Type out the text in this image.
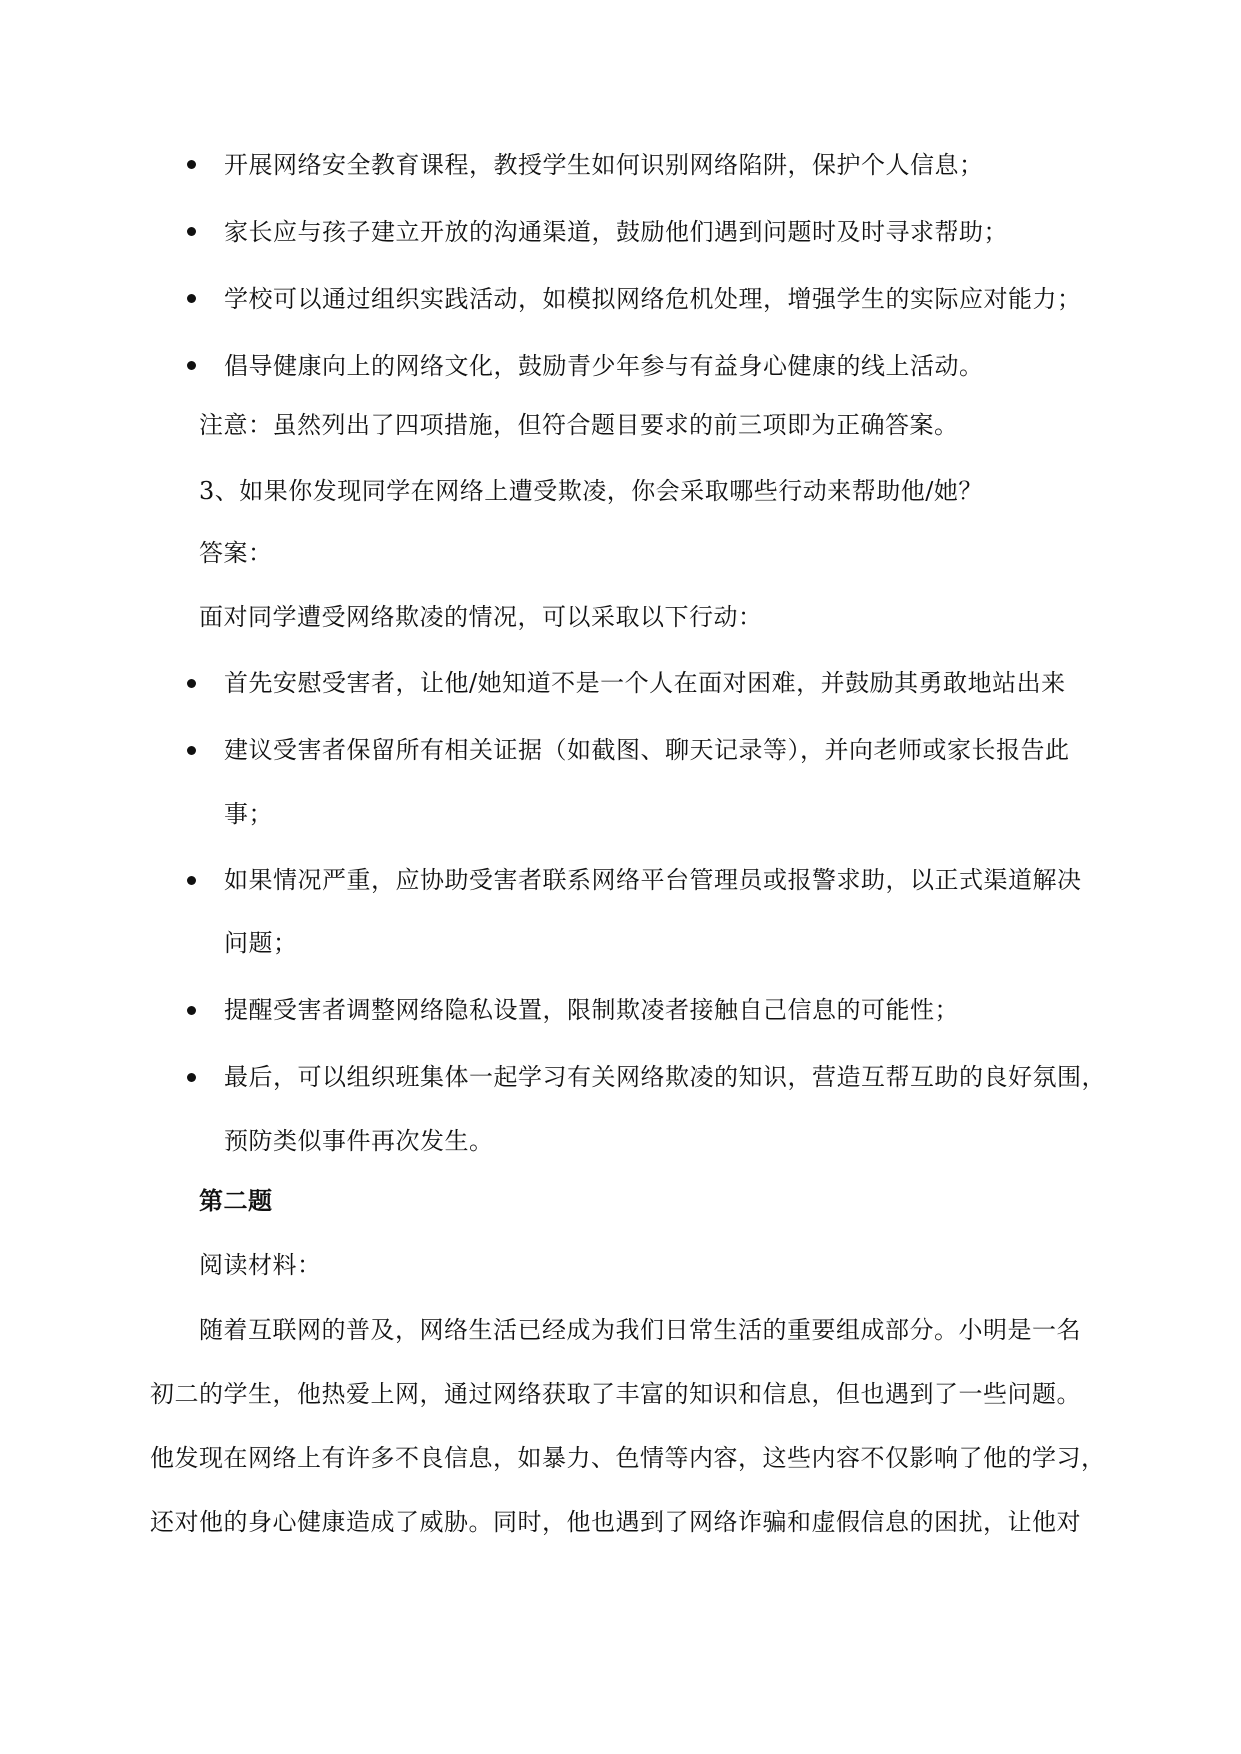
开展网络安全教育课程，教授学生如何识别网络陷阱，保护个人信息；
家长应与孩子建立开放的沟通渠道，鼓励他们遇到问题时及时寻求帮助；
学校可以通过组织实践活动，如模拟网络危机处理，增强学生的实际应对能力；
倡导健康向上的网络文化，鼓励青少年参与有益身心健康的线上活动。
注意：虽然列出了四项措施，但符合题目要求的前三项即为正确答案。
3、如果你发现同学在网络上遭受欺凌，你会采取哪些行动来帮助他/她？
答案：
面对同学遭受网络欺凌的情况，可以采取以下行动：
首先安慰受害者，让他/她知道不是一个人在面对困难，并鼓励其勇敢地站出来
建议受害者保留所有相关证据（如截图、聊天记录等），并向老师或家长报告此
事；
如果情况严重，应协助受害者联系网络平台管理员或报警求助，以正式渠道解决
问题；
提醒受害者调整网络隐私设置，限制欺凌者接触自己信息的可能性；
最后，可以组织班集体一起学习有关网络欺凌的知识，营造互帮互助的良好氛围，
预防类似事件再次发生。
第二题
阅读材料：
随着互联网的普及，网络生活已经成为我们日常生活的重要组成部分。小明是一名
初二的学生，他热爱上网，通过网络获取了丰富的知识和信息，但也遇到了一些问题。
他发现在网络上有许多不良信息，如暴力、色情等内容，这些内容不仅影响了他的学习，
还对他的身心健康造成了威胁。同时，他也遇到了网络诈骗和虚假信息的困扰，让他对
